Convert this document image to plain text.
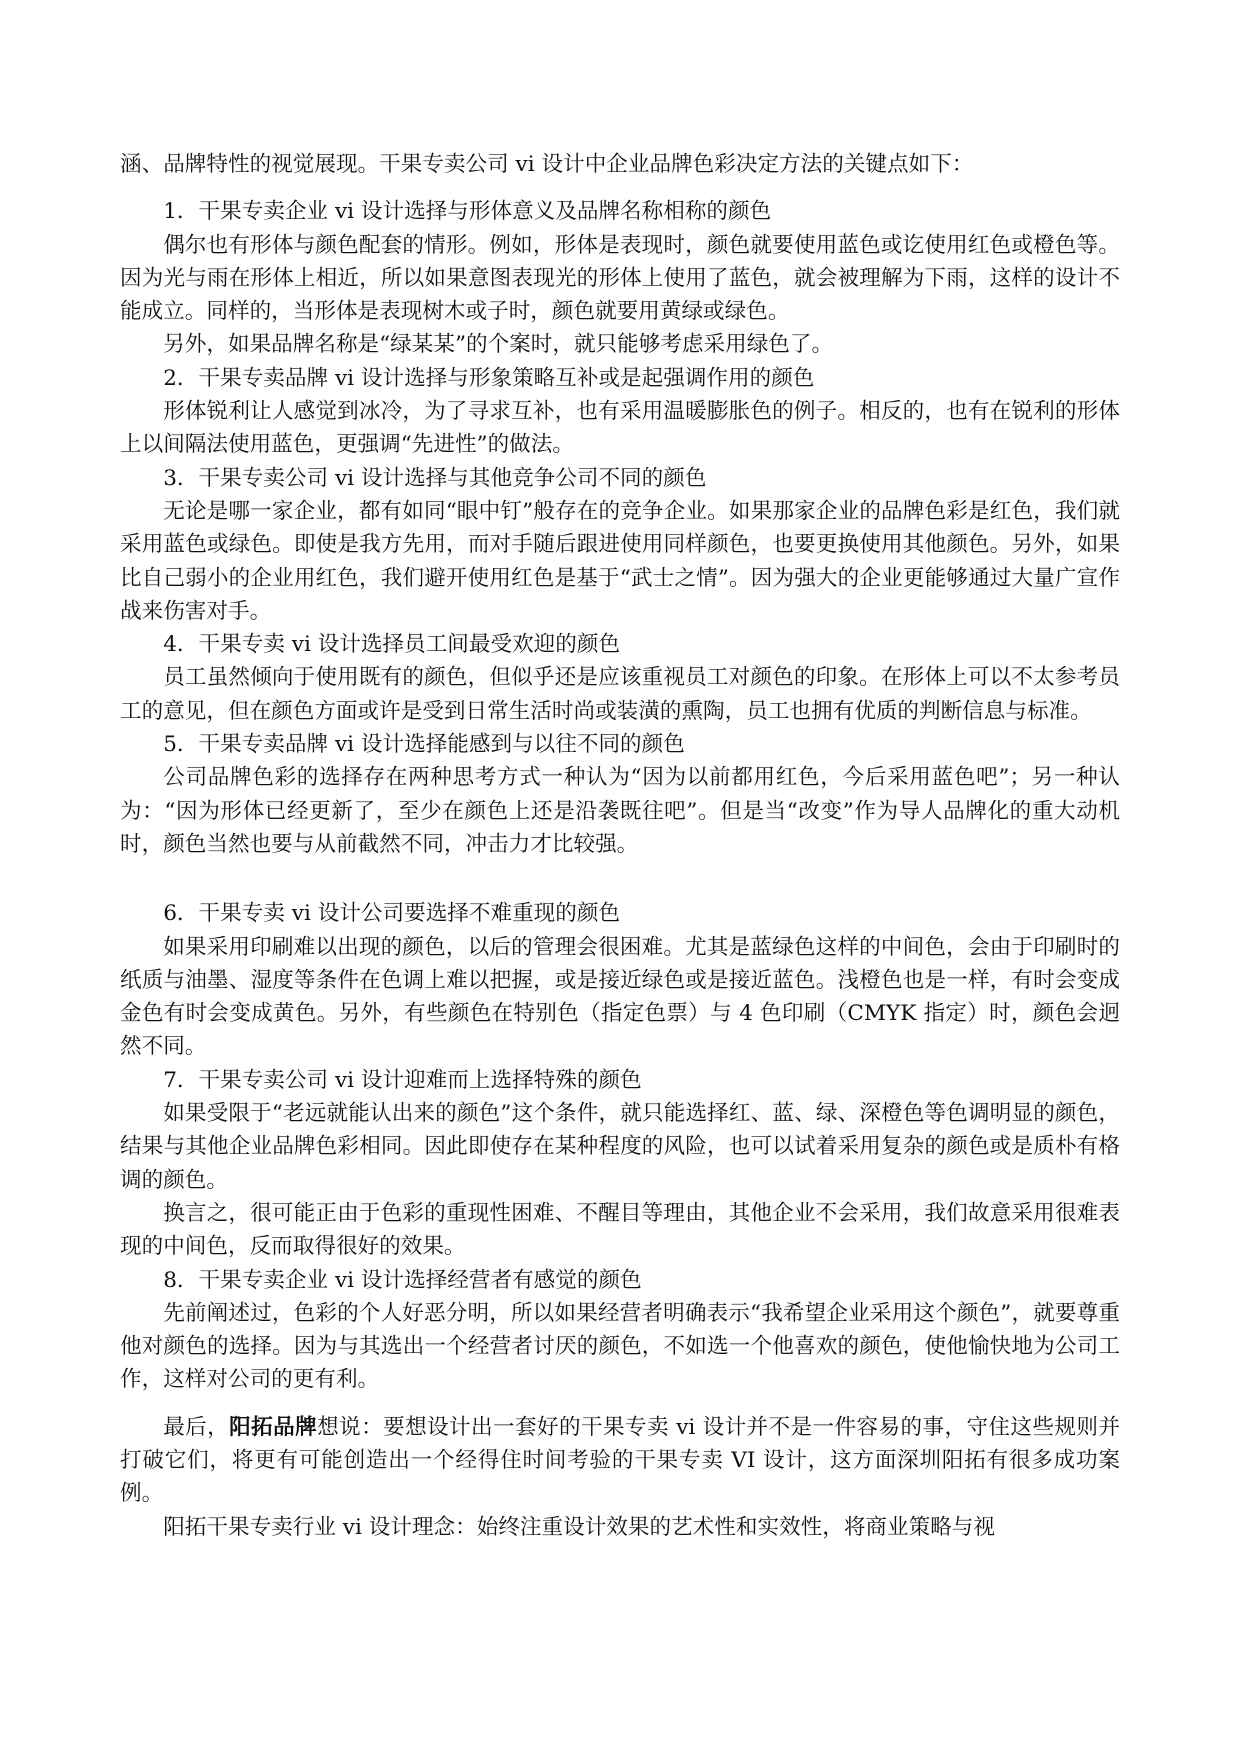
涵、品牌特性的视觉展现。干果专卖公司 vi 设计中企业品牌色彩决定方法的关键点如下：

1．干果专卖企业 vi 设计选择与形体意义及品牌名称相称的颜色

偶尔也有形体与颜色配套的情形。例如，形体是表现时，颜色就要使用蓝色或讫使用红色或橙色等。因为光与雨在形体上相近，所以如果意图表现光的形体上使用了蓝色，就会被理解为下雨，这样的设计不能成立。同样的，当形体是表现树木或子时，颜色就要用黄绿或绿色。

另外，如果品牌名称是“绿某某”的个案时，就只能够考虑采用绿色了。

2．干果专卖品牌 vi 设计选择与形象策略互补或是起强调作用的颜色

形体锐利让人感觉到冰冷，为了寻求互补，也有采用温暖膨胀色的例子。相反的，也有在锐利的形体上以间隔法使用蓝色，更强调“先进性”的做法。

3．干果专卖公司 vi 设计选择与其他竞争公司不同的颜色

无论是哪一家企业，都有如同“眼中钉”般存在的竞争企业。如果那家企业的品牌色彩是红色，我们就采用蓝色或绿色。即使是我方先用，而对手随后跟进使用同样颜色，也要更换使用其他颜色。另外，如果比自己弱小的企业用红色，我们避开使用红色是基于“武士之情”。因为强大的企业更能够通过大量广宣作战来伤害对手。

4．干果专卖 vi 设计选择员工间最受欢迎的颜色

员工虽然倾向于使用既有的颜色，但似乎还是应该重视员工对颜色的印象。在形体上可以不太参考员工的意见，但在颜色方面或许是受到日常生活时尚或装潢的熏陶，员工也拥有优质的判断信息与标准。

5．干果专卖品牌 vi 设计选择能感到与以往不同的颜色

公司品牌色彩的选择存在两种思考方式一种认为“因为以前都用红色，今后采用蓝色吧”；另一种认为：“因为形体已经更新了，至少在颜色上还是沿袭既往吧”。但是当“改变”作为导人品牌化的重大动机时，颜色当然也要与从前截然不同，冲击力才比较强。

6．干果专卖 vi 设计公司要选择不难重现的颜色

如果采用印刷难以出现的颜色，以后的管理会很困难。尤其是蓝绿色这样的中间色，会由于印刷时的纸质与油墨、湿度等条件在色调上难以把握，或是接近绿色或是接近蓝色。浅橙色也是一样，有时会变成金色有时会变成黄色。另外，有些颜色在特别色（指定色票）与 4 色印刷（CMYK 指定）时，颜色会迥然不同。

7．干果专卖公司 vi 设计迎难而上选择特殊的颜色

如果受限于“老远就能认出来的颜色”这个条件，就只能选择红、蓝、绿、深橙色等色调明显的颜色，结果与其他企业品牌色彩相同。因此即使存在某种程度的风险，也可以试着采用复杂的颜色或是质朴有格调的颜色。

换言之，很可能正由于色彩的重现性困难、不醒目等理由，其他企业不会采用，我们故意采用很难表现的中间色，反而取得很好的效果。

8．干果专卖企业 vi 设计选择经营者有感觉的颜色

先前阐述过，色彩的个人好恶分明，所以如果经营者明确表示“我希望企业采用这个颜色”，就要尊重他对颜色的选择。因为与其选出一个经营者讨厌的颜色，不如选一个他喜欢的颜色，使他愉快地为公司工作，这样对公司的更有利。

最后，阳拓品牌想说：要想设计出一套好的干果专卖 vi 设计并不是一件容易的事，守住这些规则并打破它们，将更有可能创造出一个经得住时间考验的干果专卖 VI 设计，这方面深圳阳拓有很多成功案例。

阳拓干果专卖行业 vi 设计理念：始终注重设计效果的艺术性和实效性，将商业策略与视
